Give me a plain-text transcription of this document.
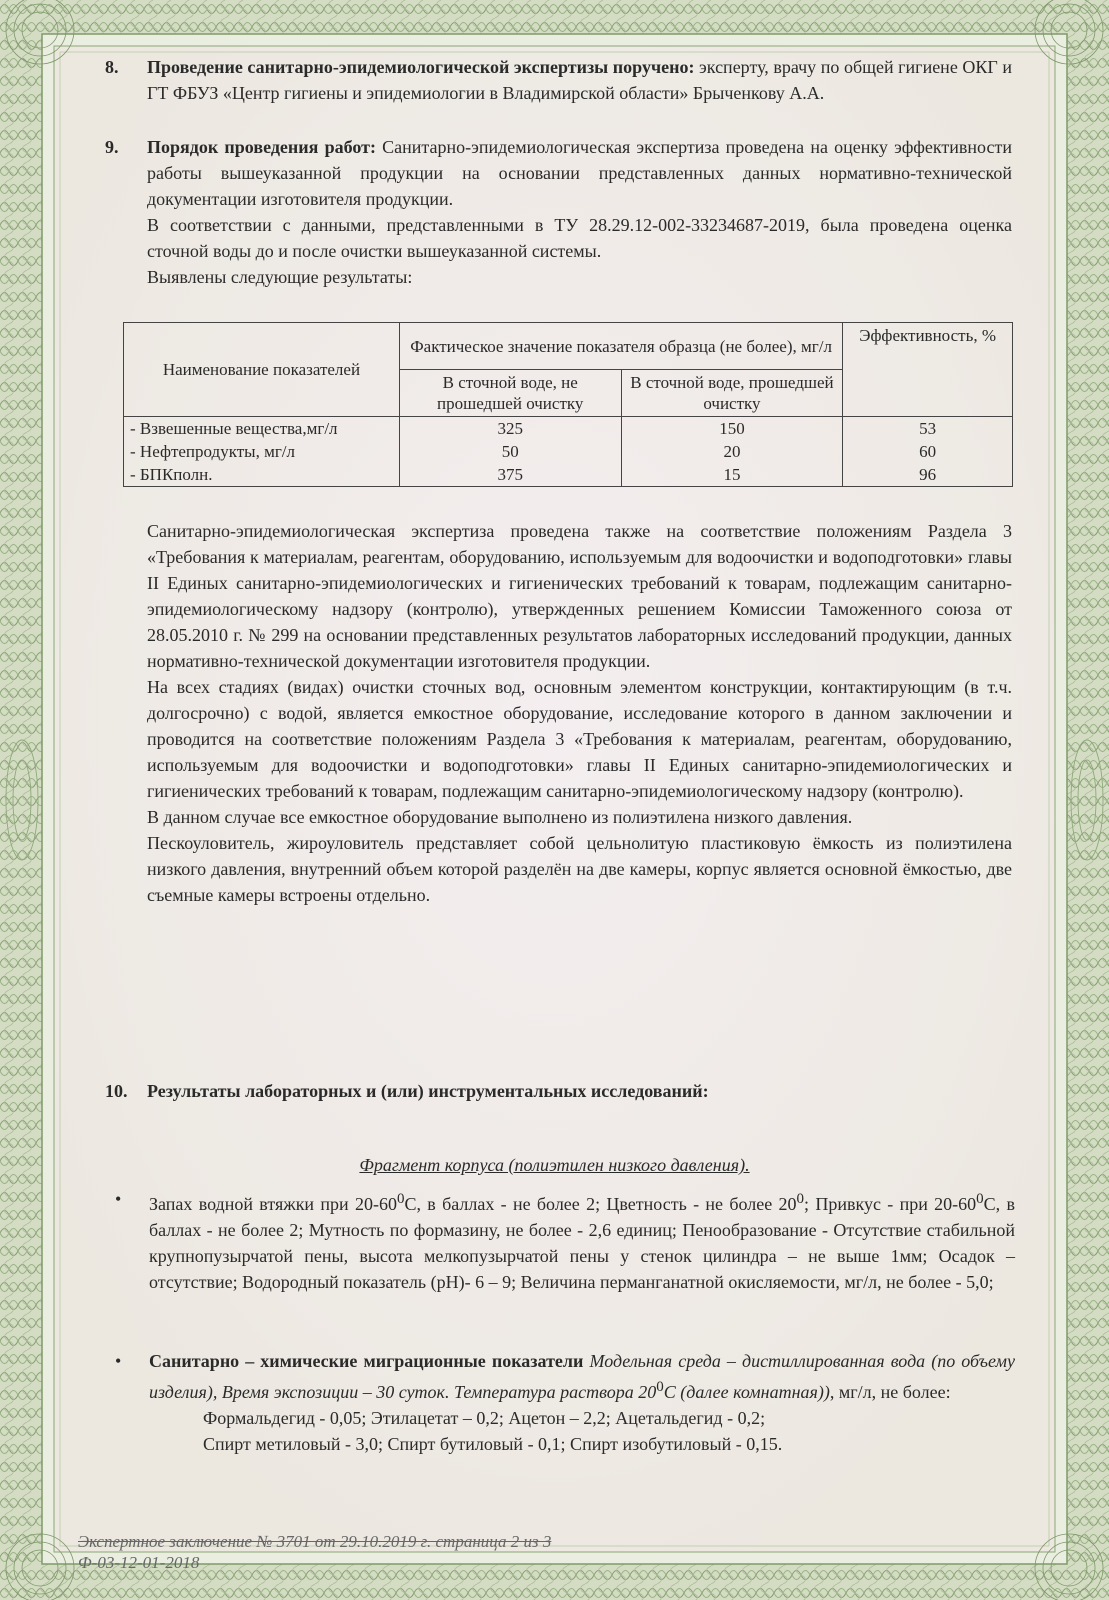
8.	Проведение санитарно-эпидемиологической экспертизы поручено: эксперту, врачу по общей гигиене ОКГ и ГТ ФБУЗ «Центр гигиены и эпидемиологии в Владимирской области» Брыченкову А.А.
9.	Порядок проведения работ: Санитарно-эпидемиологическая экспертиза проведена на оценку эффективности работы вышеуказанной продукции на основании представленных данных нормативно-технической документации изготовителя продукции.
В соответствии с данными, представленными в ТУ 28.29.12-002-33234687-2019, была проведена оценка сточной воды до и после очистки вышеуказанной системы.
Выявлены следующие результаты:
Наименование показателей	Фактическое значение показателя образца (не более), мг/л		Эффективность, %
	В сточной воде, не прошедшей очистку	В сточной воде, прошедшей очистку	
- Взвешенные вещества,мг/л	325	150	53
- Нефтепродукты, мг/л	50	20	60
- БПКполн.	375	15	96
Санитарно-эпидемиологическая экспертиза проведена также на соответствие положениям Раздела 3 «Требования к материалам, реагентам, оборудованию, используемым для водоочистки и водоподготовки» главы II Единых санитарно-эпидемиологических и гигиенических требований к товарам, подлежащим санитарно-эпидемиологическому надзору (контролю), утвержденных решением Комиссии Таможенного союза от 28.05.2010 г. № 299 на основании представленных результатов лабораторных исследований продукции, данных нормативно-технической документации изготовителя продукции.
На всех стадиях (видах) очистки сточных вод, основным элементом конструкции, контактирующим (в т.ч. долгосрочно) с водой, является емкостное оборудование, исследование которого в данном заключении и проводится на соответствие положениям Раздела 3 «Требования к материалам, реагентам, оборудованию, используемым для водоочистки и водоподготовки» главы II Единых санитарно-эпидемиологических и гигиенических требований к товарам, подлежащим санитарно-эпидемиологическому надзору (контролю).
В данном случае все емкостное оборудование выполнено из полиэтилена низкого давления.
Пескоуловитель, жироуловитель представляет собой цельнолитую пластиковую ёмкость из полиэтилена низкого давления, внутренний объем которой разделён на две камеры, корпус является основной ёмкостью, две съемные камеры встроены отдельно.
10.	Результаты лабораторных и (или) инструментальных исследований:
Фрагмент корпуса (полиэтилен низкого давления).
• Запах водной втяжки при $20-60^0С$, в баллах - не более 2; Цветность - не более $20^0$; Привкус - при $20-60^0С$, в баллах - не более 2; Мутность по формазину, не более - 2,6 единиц; Пенообразование - Отсутствие стабильной крупнопузырчатой пены, высота мелкопузырчатой пены у стенок цилиндра – не выше 1мм; Осадок – отсутствие; Водородный показатель (pH)- 6 – 9; Величина перманганатной окисляемости, мг/л, не более - 5,0;
• Санитарно – химические миграционные показатели Модельная среда – дистиллированная вода (по объему изделия), Время экспозиции – 30 суток. Температура раствора $20^0С$ (далее комнатная)), мг/л, не более:
Формальдегид - 0,05; Этилацетат – 0,2; Ацетон – 2,2; Ацетальдегид - 0,2;
Спирт метиловый - 3,0; Спирт бутиловый - 0,1; Спирт изобутиловый - 0,15.
Экспертное заключение № 3701 от 29.10.2019 г. страница 2 из 3
Ф-03-12-01-2018
